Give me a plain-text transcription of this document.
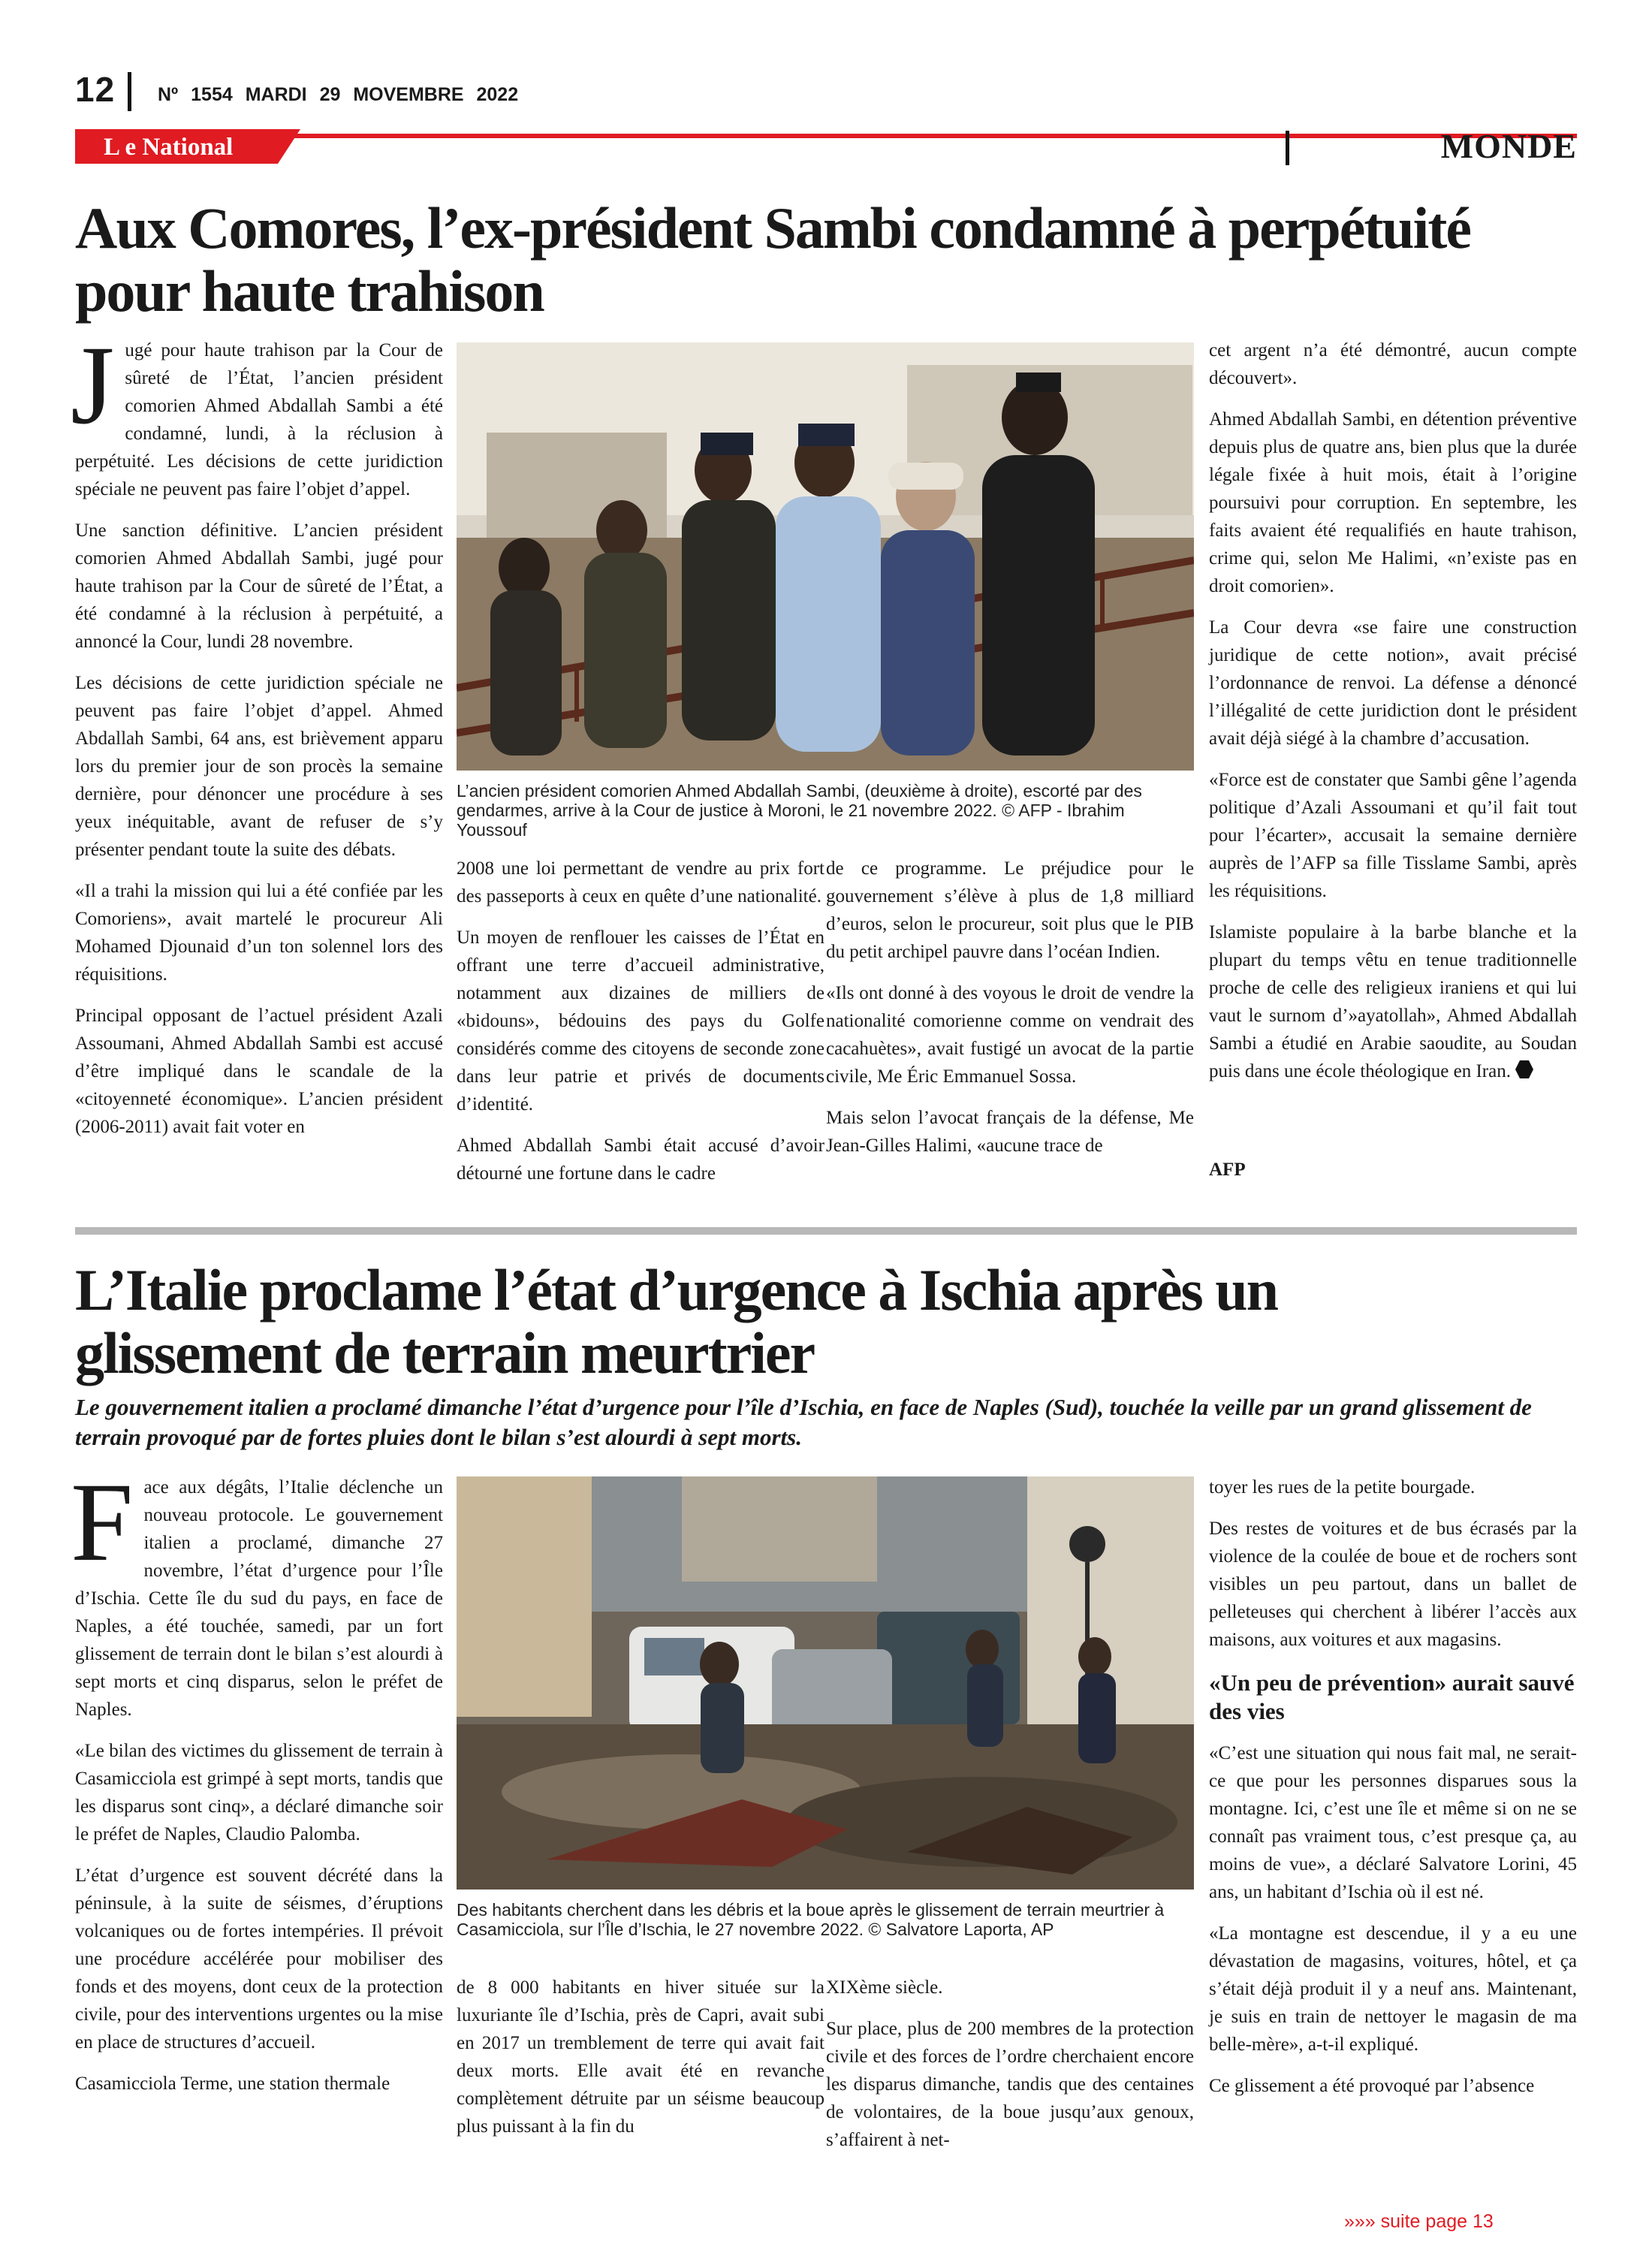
12 Nº 1554 MARDI 29 MOVEMBRE 2022
L e National	MONDE
Aux Comores, l’ex-président Sambi condamné à perpétuité
pour haute trahison

Jugé pour haute trahison par la Cour de sûreté de l’État, l’ancien président comorien Ahmed Abdallah Sambi a été condamné, lundi, à la réclusion à perpétuité. Les décisions de cette juridiction spéciale ne peuvent pas faire l’objet d’appel.

Une sanction définitive. L’ancien président comorien Ahmed Abdallah Sambi, jugé pour haute trahison par la Cour de sûreté de l’État, a été condamné à la réclusion à perpétuité, a annoncé la Cour, lundi 28 novembre.

Les décisions de cette juridiction spéciale ne peuvent pas faire l’objet d’appel. Ahmed Abdallah Sambi, 64 ans, est brièvement apparu lors du premier jour de son procès la semaine dernière, pour dénoncer une procédure à ses yeux inéquitable, avant de refuser de s’y présenter pendant toute la suite des débats.

«Il a trahi la mission qui lui a été confiée par les Comoriens», avait martelé le procureur Ali Mohamed Djounaid d’un ton solennel lors des réquisitions.

Principal opposant de l’actuel président Azali Assoumani, Ahmed Abdallah Sambi est accusé d’être impliqué dans le scandale de la «citoyenneté économique». L’ancien président (2006-2011) avait fait voter en

L’ancien président comorien Ahmed Abdallah Sambi, (deuxième à droite), escorté par des gendarmes, arrive à la Cour de justice à Moroni, le 21 novembre 2022. © AFP - Ibrahim Youssouf

2008 une loi permettant de vendre au prix fort des passeports à ceux en quête d’une nationalité.

Un moyen de renflouer les caisses de l’État en offrant une terre d’accueil administrative, notamment aux dizaines de milliers de «bidouns», bédouins des pays du Golfe considérés comme des citoyens de seconde zone dans leur patrie et privés de documents d’identité.

Ahmed Abdallah Sambi était accusé d’avoir détourné une fortune dans le cadre

de ce programme. Le préjudice pour le gouvernement s’élève à plus de 1,8 milliard d’euros, selon le procureur, soit plus que le PIB du petit archipel pauvre dans l’océan Indien.

«Ils ont donné à des voyous le droit de vendre la nationalité comorienne comme on vendrait des cacahuètes», avait fustigé un avocat de la partie civile, Me Éric Emmanuel Sossa.

Mais selon l’avocat français de la défense, Me Jean-Gilles Halimi, «aucune trace de

cet argent n’a été démontré, aucun compte découvert».

Ahmed Abdallah Sambi, en détention préventive depuis plus de quatre ans, bien plus que la durée légale fixée à huit mois, était à l’origine poursuivi pour corruption. En septembre, les faits avaient été requalifiés en haute trahison, crime qui, selon Me Halimi, «n’existe pas en droit comorien».

La Cour devra «se faire une construction juridique de cette notion», avait précisé l’ordonnance de renvoi. La défense a dénoncé l’illégalité de cette juridiction dont le président avait déjà siégé à la chambre d’accusation.

«Force est de constater que Sambi gêne l’agenda politique d’Azali Assoumani et qu’il fait tout pour l’écarter», accusait la semaine dernière auprès de l’AFP sa fille Tisslame Sambi, après les réquisitions.

Islamiste populaire à la barbe blanche et la plupart du temps vêtu en tenue traditionnelle proche de celle des religieux iraniens et qui lui vaut le surnom d’»ayatollah», Ahmed Abdallah Sambi a étudié en Arabie saoudite, au Soudan puis dans une école théologique en Iran.

AFP
L’Italie proclame l’état d’urgence à Ischia après un
glissement de terrain meurtrier
Le gouvernement italien a proclamé dimanche l’état d’urgence pour l’île d’Ischia, en face de Naples (Sud), touchée la veille par un grand glissement de terrain provoqué par de fortes pluies dont le bilan s’est alourdi à sept morts.

Face aux dégâts, l’Italie déclenche un nouveau protocole. Le gouvernement italien a proclamé, dimanche 27 novembre, l’état d’urgence pour l’Île d’Ischia. Cette île du sud du pays, en face de Naples, a été touchée, samedi, par un fort glissement de terrain dont le bilan s’est alourdi à sept morts et cinq disparus, selon le préfet de Naples.

«Le bilan des victimes du glissement de terrain à Casamicciola est grimpé à sept morts, tandis que les disparus sont cinq», a déclaré dimanche soir le préfet de Naples, Claudio Palomba.

L’état d’urgence est souvent décrété dans la péninsule, à la suite de séismes, d’éruptions volcaniques ou de fortes intempéries. Il prévoit une procédure accélérée pour mobiliser des fonds et des moyens, dont ceux de la protection civile, pour des interventions urgentes ou la mise en place de structures d’accueil.

Casamicciola Terme, une station thermale

Des habitants cherchent dans les débris et la boue après le glissement de terrain meurtrier à Casamicciola, sur l’Île d’Ischia, le 27 novembre 2022. © Salvatore Laporta, AP

de 8 000 habitants en hiver située sur la luxuriante île d’Ischia, près de Capri, avait subi en 2017 un tremblement de terre qui avait fait deux morts. Elle avait été en revanche complètement détruite par un séisme beaucoup plus puissant à la fin du

XIXème siècle.

Sur place, plus de 200 membres de la protection civile et des forces de l’ordre cherchaient encore les disparus dimanche, tandis que des centaines de volontaires, de la boue jusqu’aux genoux, s’affairent à net-

toyer les rues de la petite bourgade.

Des restes de voitures et de bus écrasés par la violence de la coulée de boue et de rochers sont visibles un peu partout, dans un ballet de pelleteuses qui cherchent à libérer l’accès aux maisons, aux voitures et aux magasins.

«Un peu de prévention» aurait sauvé des vies

«C’est une situation qui nous fait mal, ne serait-ce que pour les personnes disparues sous la montagne. Ici, c’est une île et même si on ne se connaît pas vraiment tous, c’est presque ça, au moins de vue», a déclaré Salvatore Lorini, 45 ans, un habitant d’Ischia où il est né.

«La montagne est descendue, il y a eu une dévastation de magasins, voitures, hôtel, et ça s’était déjà produit il y a neuf ans. Maintenant, je suis en train de nettoyer le magasin de ma belle-mère», a-t-il expliqué.

Ce glissement a été provoqué par l’absence

»»» suite page 13
